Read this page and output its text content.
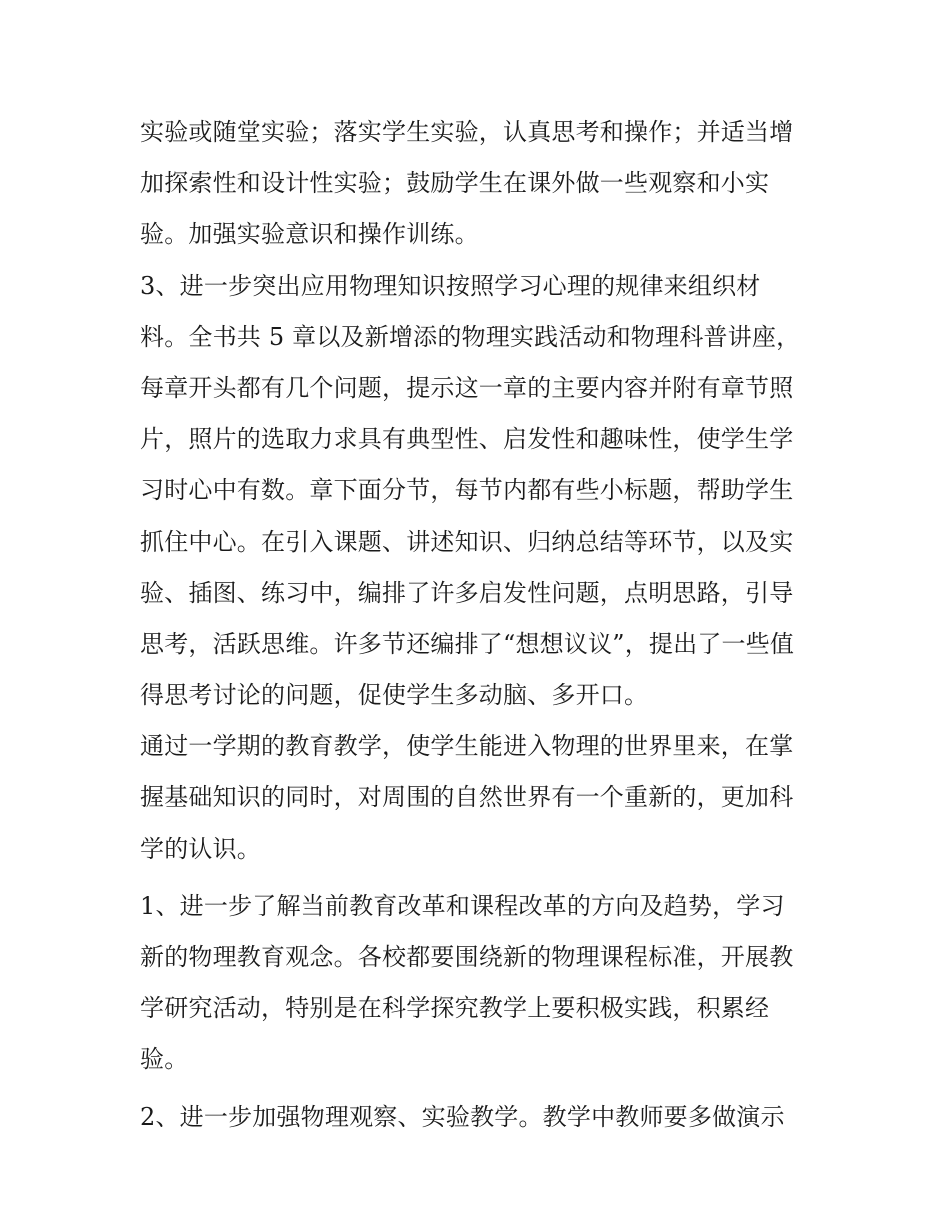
实验或随堂实验；落实学生实验，认真思考和操作；并适当增
加探索性和设计性实验；鼓励学生在课外做一些观察和小实
验。加强实验意识和操作训练。
3、进一步突出应用物理知识按照学习心理的规律来组织材
料。全书共 5 章以及新增添的物理实践活动和物理科普讲座，
每章开头都有几个问题，提示这一章的主要内容并附有章节照
片，照片的选取力求具有典型性、启发性和趣味性，使学生学
习时心中有数。章下面分节，每节内都有些小标题，帮助学生
抓住中心。在引入课题、讲述知识、归纳总结等环节，以及实
验、插图、练习中，编排了许多启发性问题，点明思路，引导
思考，活跃思维。许多节还编排了“想想议议”，提出了一些值
得思考讨论的问题，促使学生多动脑、多开口。
通过一学期的教育教学，使学生能进入物理的世界里来，在掌
握基础知识的同时，对周围的自然世界有一个重新的，更加科
学的认识。
1、进一步了解当前教育改革和课程改革的方向及趋势，学习
新的物理教育观念。各校都要围绕新的物理课程标准，开展教
学研究活动，特别是在科学探究教学上要积极实践，积累经
验。
2、进一步加强物理观察、实验教学。教学中教师要多做演示
